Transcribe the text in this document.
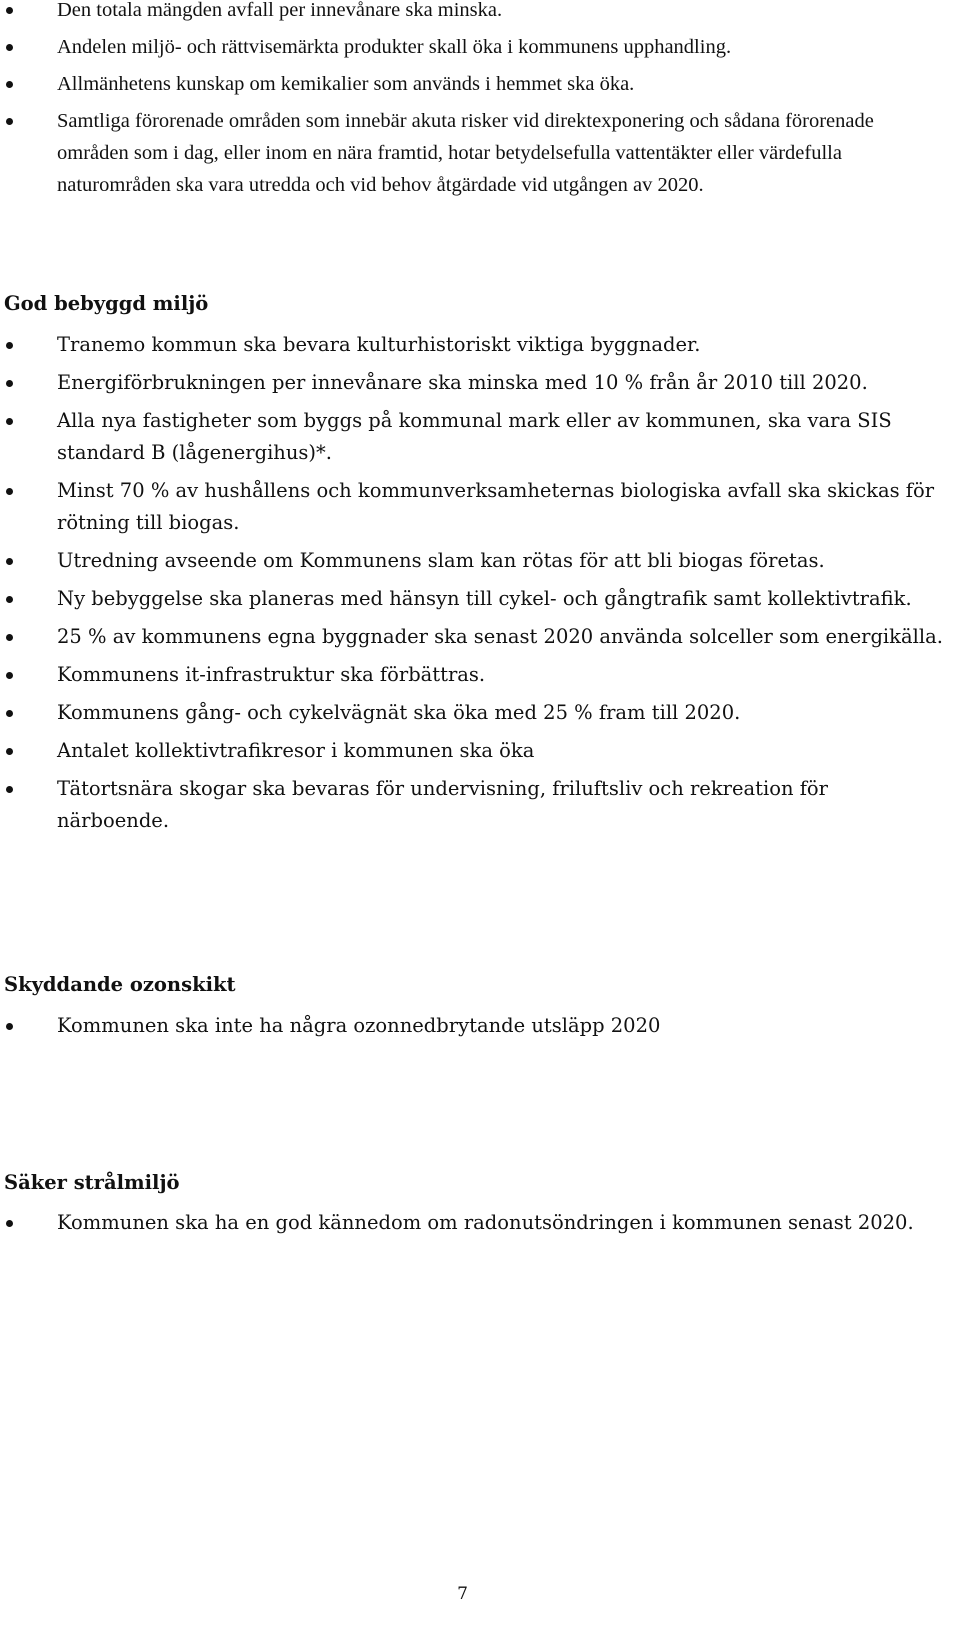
Den totala mängden avfall per innevånare ska minska.
Andelen miljö- och rättvisemärkta produkter skall öka i kommunens upphandling.
Allmänhetens kunskap om kemikalier som används i hemmet ska öka.
Samtliga förorenade områden som innebär akuta risker vid direktexponering och sådana förorenade områden som i dag, eller inom en nära framtid, hotar betydelsefulla vattentäkter eller värdefulla naturområden ska vara utredda och vid behov åtgärdade vid utgången av 2020.
God bebyggd miljö
Tranemo kommun ska bevara kulturhistoriskt viktiga byggnader.
Energiförbrukningen per innevånare ska minska med 10 % från år 2010 till 2020.
Alla nya fastigheter som byggs på kommunal mark eller av kommunen, ska vara SIS standard B (lågenergihus)*.
Minst 70 % av hushållens och kommunverksamheternas biologiska avfall ska skickas för rötning till biogas.
Utredning avseende om Kommunens slam kan rötas för att bli biogas företas.
Ny bebyggelse ska planeras med hänsyn till cykel- och gångtrafik samt kollektivtrafik.
25 % av kommunens egna byggnader ska senast 2020 använda solceller som energikälla.
Kommunens it-infrastruktur ska förbättras.
Kommunens gång- och cykelvägnät ska öka med 25 % fram till 2020.
Antalet kollektivtrafikresor i kommunen ska öka
Tätortsnära skogar ska bevaras för undervisning, friluftsliv och rekreation för närboende.
Skyddande ozonskikt
Kommunen ska inte ha några ozonnedbrytande utsläpp 2020
Säker strålmiljö
Kommunen ska ha en god kännedom om radonutsöndringen i kommunen senast 2020.
7
